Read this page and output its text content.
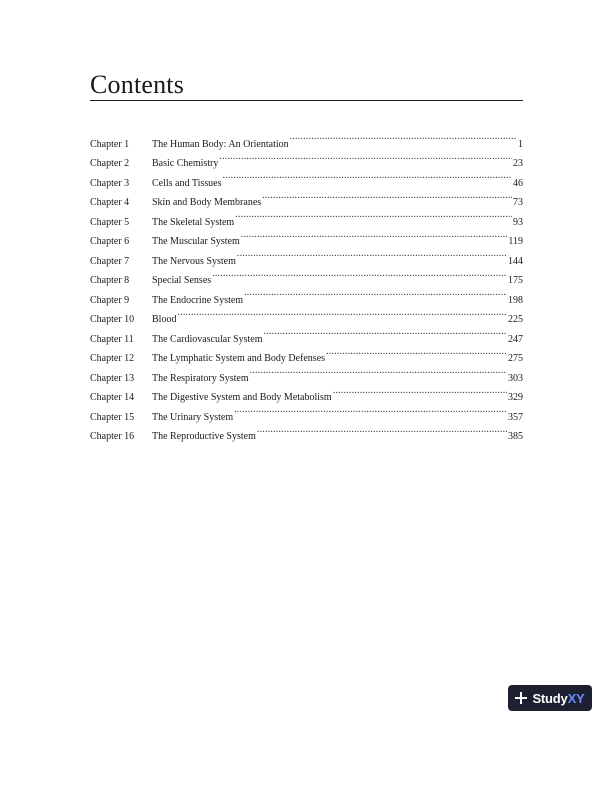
Contents
Chapter 1	The Human Body: An Orientation .....	1
Chapter 2	Basic Chemistry .....	23
Chapter 3	Cells and Tissues .....	46
Chapter 4	Skin and Body Membranes .....	73
Chapter 5	The Skeletal System .....	93
Chapter 6	The Muscular System .....	119
Chapter 7	The Nervous System .....	144
Chapter 8	Special Senses .....	175
Chapter 9	The Endocrine System .....	198
Chapter 10	Blood .....	225
Chapter 11	The Cardiovascular System .....	247
Chapter 12	The Lymphatic System and Body Defenses .....	275
Chapter 13	The Respiratory System .....	303
Chapter 14	The Digestive System and Body Metabolism .....	329
Chapter 15	The Urinary System .....	357
Chapter 16	The Reproductive System .....	385
StudyXY
